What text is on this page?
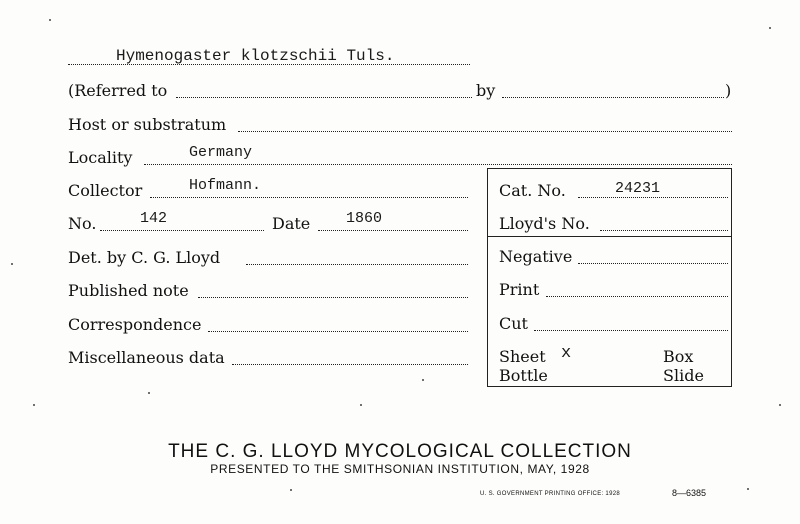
Hymenogaster klotzschii Tuls.
(Referred to	by	)
Host or substratum
Locality	Germany
Collector	Hofmann.
No.	142	Date 1860
Det. by C. G. Lloyd
Published note
Correspondence
Miscellaneous data
Cat. No.	24231
Lloyd's No.
Negative
Print
Cut
Sheet x	Box
Bottle	Slide
THE C. G. LLOYD MYCOLOGICAL COLLECTION
PRESENTED TO THE SMITHSONIAN INSTITUTION, MAY, 1928
U. S. GOVERNMENT PRINTING OFFICE: 1928	8—6385
